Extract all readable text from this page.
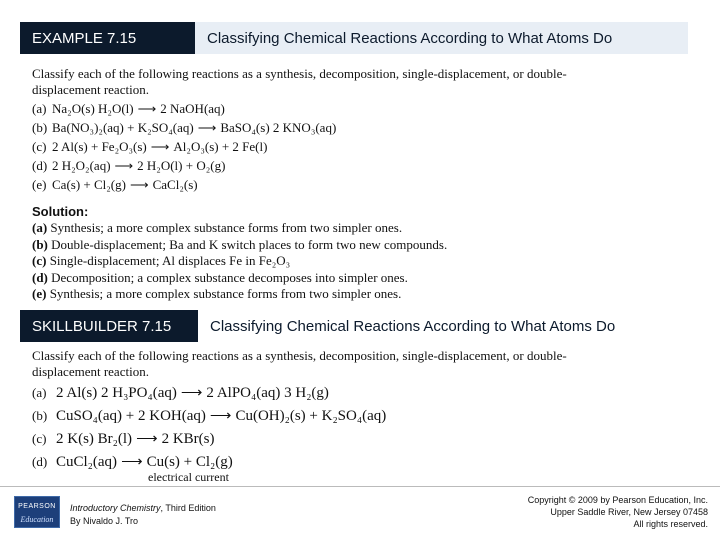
EXAMPLE 7.15	Classifying Chemical Reactions According to What Atoms Do
Classify each of the following reactions as a synthesis, decomposition, single-displacement, or double-
displacement reaction.
(a) Na₂O(s) H₂O(l) ⟶ 2 NaOH(aq)
(b) Ba(NO₃)₂(aq) + K₂SO₄(aq) ⟶ BaSO₄(s) 2 KNO₃(aq)
(c) 2 Al(s) + Fe₂O₃(s) ⟶ Al₂O₃(s) + 2 Fe(l)
(d) 2 H₂O₂(aq) ⟶ 2 H₂O(l) + O₂(g)
(e) Ca(s) + Cl₂(g) ⟶ CaCl₂(s)
Solution:
(a) Synthesis; a more complex substance forms from two simpler ones.
(b) Double-displacement; Ba and K switch places to form two new compounds.
(c) Single-displacement; Al displaces Fe in Fe₂O₃
(d) Decomposition; a complex substance decomposes into simpler ones.
(e) Synthesis; a more complex substance forms from two simpler ones.
SKILLBUILDER 7.15	Classifying Chemical Reactions According to What Atoms Do
Classify each of the following reactions as a synthesis, decomposition, single-displacement, or double-
displacement reaction.
(a) 2 Al(s) 2 H₃PO₄(aq) ⟶ 2 AlPO₄(aq) 3 H₂(g)
(b) CuSO₄(aq) + 2 KOH(aq) ⟶ Cu(OH)₂(s) + K₂SO₄(aq)
(c) 2 K(s) Br₂(l) ⟶ 2 KBr(s)
(d) CuCl₂(aq) ⟶ Cu(s) + Cl₂(g)
electrical current
PEARSON
Education
Introductory Chemistry, Third Edition
By Nivaldo J. Tro
Copyright © 2009 by Pearson Education, Inc.
Upper Saddle River, New Jersey 07458
All rights reserved.
